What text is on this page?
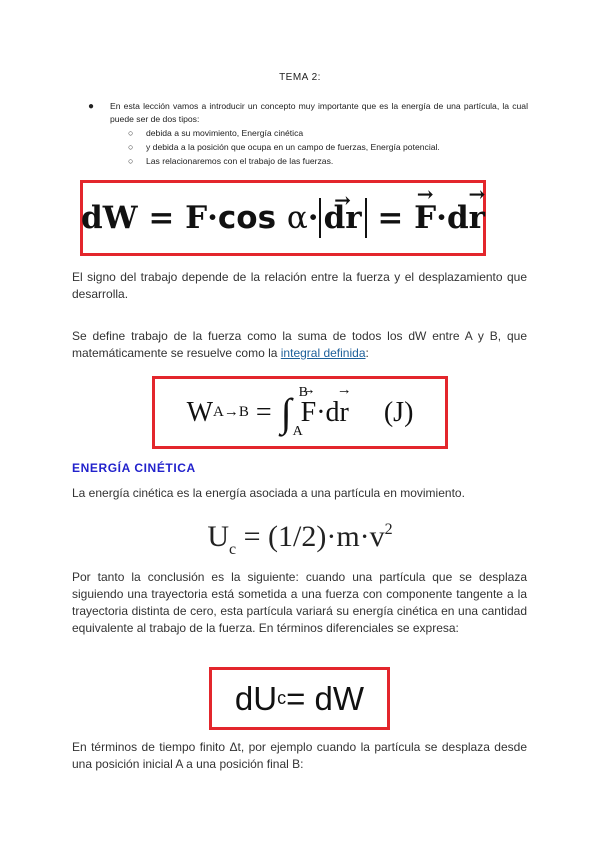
TEMA 2:
●	En esta lección vamos a introducir un concepto muy importante que es la energía de una partícula, la cual puede ser de dos tipos:
○	debida a su movimiento, Energía cinética
○	y debida a la posición que ocupa en un campo de fuerzas, Energía potencial.
○	Las relacionaremos con el trabajo de las fuerzas.
dW
=
F · cos
α · → dr
=
→ F · d → r
El signo del trabajo depende de la relación entre la fuerza y el desplazamiento que desarrolla.
Se define trabajo de la fuerza como la suma de todos los dW entre A y B, que matemáticamente se resuelve como la integral definida:
W A→B
=
∫ B
A

→ F · d → r
(J)
ENERGÍA CINÉTICA
La energía cinética es la energía asociada a una partícula en movimiento.
$U_c = (1/2)\cdot m\cdot v^2$
Por tanto la conclusión es la siguiente: cuando una partícula que se desplaza siguiendo una trayectoria está sometida a una fuerza con componente tangente a la trayectoria distinta de cero, esta partícula variará su energía cinética en una cantidad equivalente al trabajo de la fuerza. En términos diferenciales se expresa:
dU c = dW
En términos de tiempo finito Δt, por ejemplo cuando la partícula se desplaza desde una posición inicial A a una posición final B:
